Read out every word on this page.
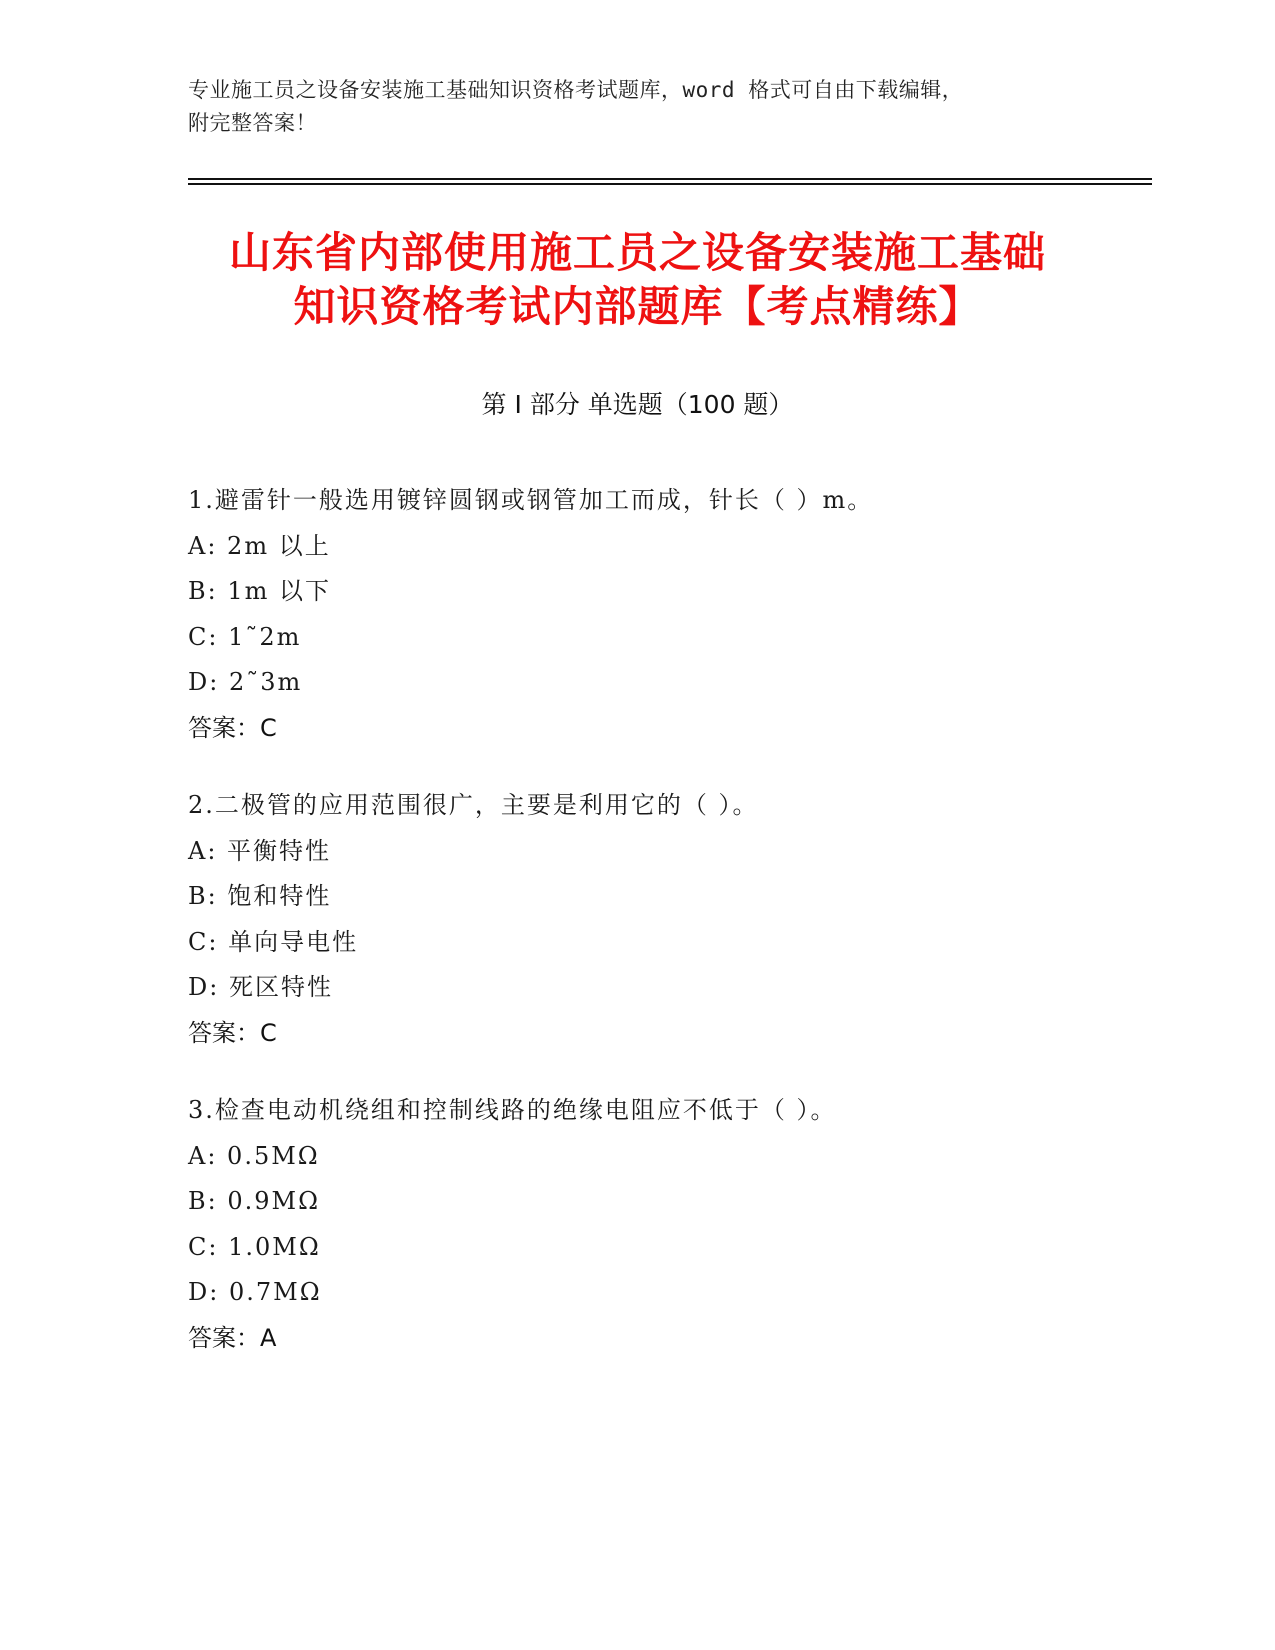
专业施工员之设备安装施工基础知识资格考试题库，word 格式可自由下载编辑，
附完整答案！
山东省内部使用施工员之设备安装施工基础
知识资格考试内部题库【考点精练】
第 I 部分 单选题（100 题）
1.避雷针一般选用镀锌圆钢或钢管加工而成，针长（ ）m。
A: 2m 以上
B: 1m 以下
C: 1˜2m
D: 2˜3m
答案：C
2.二极管的应用范围很广，主要是利用它的（ ）。
A: 平衡特性
B: 饱和特性
C: 单向导电性
D: 死区特性
答案：C
3.检查电动机绕组和控制线路的绝缘电阻应不低于（ ）。
A: 0.5MΩ
B: 0.9MΩ
C: 1.0MΩ
D: 0.7MΩ
答案：A
